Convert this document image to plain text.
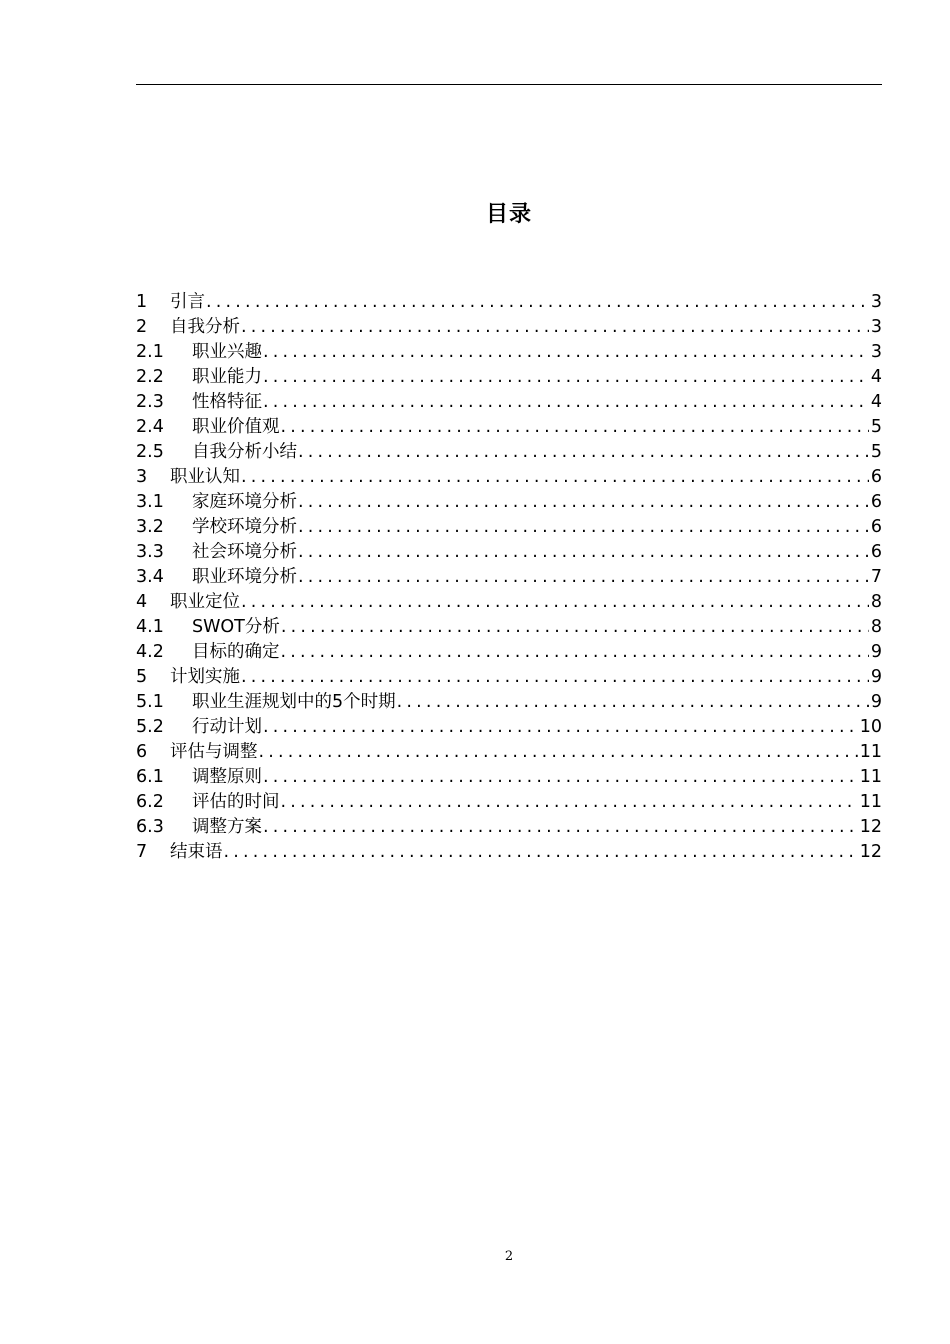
目录
1	引言 .....	3
2	自我分析 .....	3
2.1	职业兴趣 .....	3
2.2	职业能力 .....	4
2.3	性格特征 .....	4
2.4	职业价值观 .....	5
2.5	自我分析小结 .....	5
3	职业认知 .....	6
3.1	家庭环境分析 .....	6
3.2	学校环境分析 .....	6
3.3	社会环境分析 .....	6
3.4	职业环境分析 .....	7
4	职业定位 .....	8
4.1	SWOT分析 .....	8
4.2	目标的确定 .....	9
5	计划实施 .....	9
5.1	职业生涯规划中的5个时期 .....	9
5.2	行动计划 .....	10
6	评估与调整 .....	11
6.1	调整原则 .....	11
6.2	评估的时间 .....	11
6.3	调整方案 .....	12
7	结束语 .....	12
2
